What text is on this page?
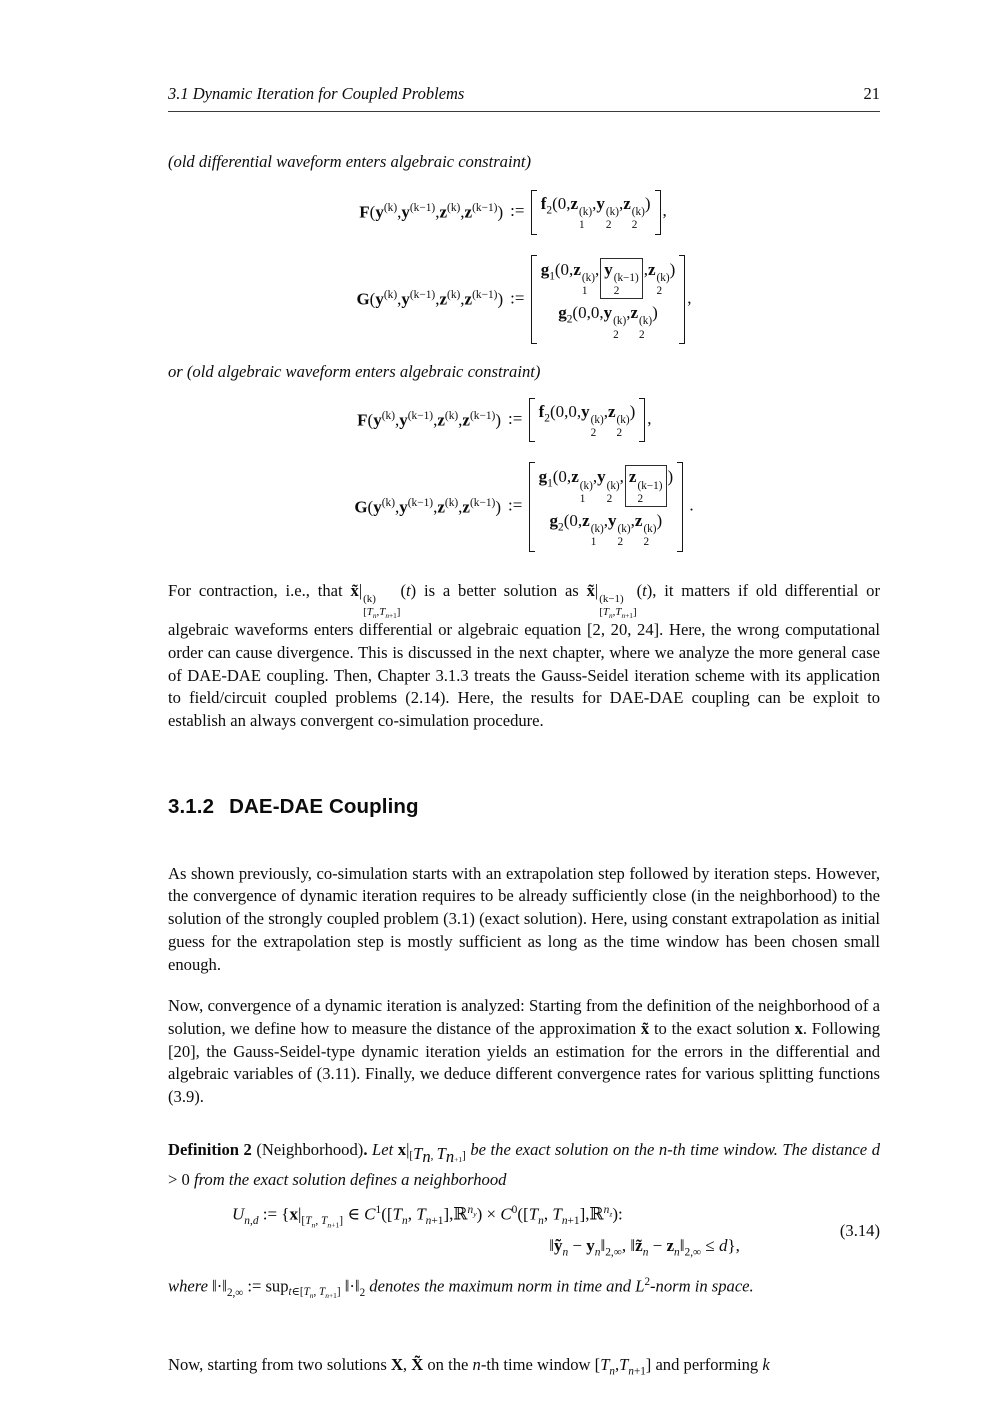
3.1 Dynamic Iteration for Coupled Problems	21

(old differential waveform enters algebraic constraint)

$F(y^{(k)},y^{(k-1)},z^{(k)},z^{(k-1)})$ := $f_2(0,z$ (k)
1
,y (k)
2
,z (k)
2
) ,
$G(y^{(k)},y^{(k-1)},z^{(k)},z^{(k-1)})$ :=
$g_1(0,z$ (k)
1
, y (k−1)
2
,z (k)
2
)
$g_2(0,0,y$ (k)
2
,z (k)
2
)
,

or (old algebraic waveform enters algebraic constraint)

$F(y^{(k)},y^{(k-1)},z^{(k)},z^{(k-1)})$ := $f_2(0,0,y$ (k)
2
,z (k)
2
) ,
$G(y^{(k)},y^{(k-1)},z^{(k)},z^{(k-1)})$ :=
$g_1(0,z$ (k)
1
,y (k)
2
, z (k−1)
2
)
$g_2(0,z$ (k)
1
,y (k)
2
,z (k)
2
)
.

For contraction, i.e., that x̃| (k)
$[T_n,T_{n+1}]$
(t) is a better solution as x̃| (k−1)
$[T_n,T_{n+1}]$
(t), it matters if old differential or algebraic waveforms enters differential or algebraic equation [2, 20, 24]. Here, the wrong computational order can cause divergence. This is discussed in the next chapter, where we analyze the more general case of DAE-DAE coupling. Then, Chapter 3.1.3 treats the Gauss-Seidel iteration scheme with its application to field/circuit coupled problems (2.14). Here, the results for DAE-DAE coupling can be exploit to establish an always convergent co-simulation procedure.

3.1.2 DAE-DAE Coupling

As shown previously, co-simulation starts with an extrapolation step followed by iteration steps. However, the convergence of dynamic iteration requires to be already sufficiently close (in the neighborhood) to the solution of the strongly coupled problem (3.1) (exact solution). Here, using constant extrapolation as initial guess for the extrapolation step is mostly sufficient as long as the time window has been chosen small enough.

Now, convergence of a dynamic iteration is analyzed: Starting from the definition of the neighborhood of a solution, we define how to measure the distance of the approximation x̃ to the exact solution x. Following [20], the Gauss-Seidel-type dynamic iteration yields an estimation for the errors in the differential and algebraic variables of (3.11). Finally, we deduce different convergence rates for various splitting functions (3.9).

Definition 2 (Neighborhood). Let $x|_{[T_n, T_{n+1}]}$ be the exact solution on the n-th time window. The distance d > 0 from the exact solution defines a neighborhood

$U_{n,d}$ := {$x|_{[T_n, T_{n+1}]}$ ∈ $C^1([T_n$, $T_{n+1}],ℝ^{n_y}) \times C^0([T_n$, $T_{n+1}],ℝ^{n_z}$):
$‖ỹ_n$ − $y_n‖_{2,\infty}$, $‖z̃_n$ − $z_n‖_{2,\infty} \le d$},
(3.14)

where $‖\cdot‖_{2,\infty}$ := sup$_{t\in[T_n, T_{n+1}]}$ $‖\cdot‖_2$ denotes the maximum norm in time and $L^2$-norm in space.

Now, starting from two solutions X, X̃ on the n-th time window $[T_n,T_{n+1}]$ and performing k
